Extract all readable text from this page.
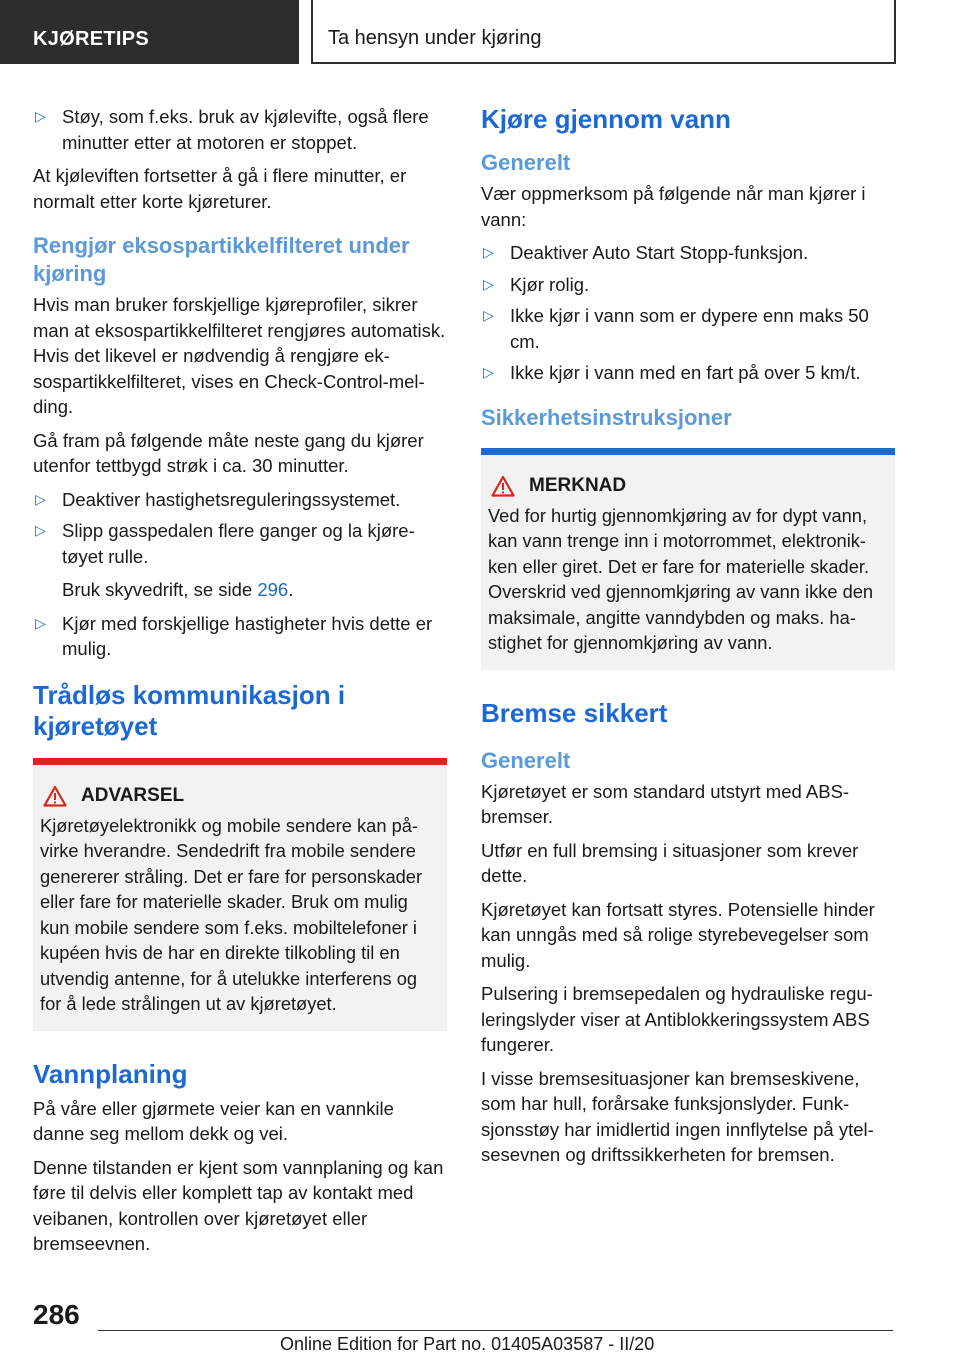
KJØRETIPS	Ta hensyn under kjøring
▷ Støy, som f.eks. bruk av kjølevifte, også flere minutter etter at motoren er stoppet.

At kjøleviften fortsetter å gå i flere minutter, er normalt etter korte kjøreturer.

Rengjør eksospartikkelfilteret under kjøring

Hvis man bruker forskjellige kjøreprofiler, sikrer man at eksospartikkelfilteret rengjøres automatisk. Hvis det likevel er nødvendig å rengjøre eksospartikkelfilteret, vises en Check-Control-melding.

Gå fram på følgende måte neste gang du kjører utenfor tettbygd strøk i ca. 30 minutter.

▷ Deaktiver hastighetsreguleringssystemet.
▷ Slipp gasspedalen flere ganger og la kjøretøyet rulle.

Bruk skyvedrift, se side 296.

▷ Kjør med forskjellige hastigheter hvis dette er mulig.
Trådløs kommunikasjon i kjøretøyet
ADVARSEL

Kjøretøyelektronikk og mobile sendere kan påvirke hverandre. Sendedrift fra mobile sendere genererer stråling. Det er fare for personskader eller fare for materielle skader. Bruk om mulig kun mobile sendere som f.eks. mobiltelefoner i kupéen hvis de har en direkte tilkobling til en utvendig antenne, for å utelukke interferens og for å lede strålingen ut av kjøretøyet.

Vannplaning

På våre eller gjørmete veier kan en vannkile danne seg mellom dekk og vei.

Denne tilstanden er kjent som vannplaning og kan føre til delvis eller komplett tap av kontakt med veibanen, kontrollen over kjøretøyet eller bremseevnen.

Kjøre gjennom vann
Generelt

Vær oppmerksom på følgende når man kjører i vann:

▷ Deaktiver Auto Start Stopp-funksjon.
▷ Kjør rolig.
▷ Ikke kjør i vann som er dypere enn maks 50 cm.
▷ Ikke kjør i vann med en fart på over 5 km/t.
Sikkerhetsinstruksjoner
MERKNAD

Ved for hurtig gjennomkjøring av for dypt vann, kan vann trenge inn i motorrommet, elektronikken eller giret. Det er fare for materielle skader. Overskrid ved gjennomkjøring av vann ikke den maksimale, angitte vanndybden og maks. hastighet for gjennomkjøring av vann.

Bremse sikkert
Generelt

Kjøretøyet er som standard utstyrt med ABS-bremser.

Utfør en full bremsing i situasjoner som krever dette.

Kjøretøyet kan fortsatt styres. Potensielle hinder kan unngås med så rolige styrebevegelser som mulig.

Pulsering i bremsepedalen og hydrauliske reguleringslyder viser at Antiblokkeringssystem ABS fungerer.

I visse bremsesituasjoner kan bremseskivene, som har hull, forårsake funksjonslyder. Funksjonsstøy har imidlertid ingen innflytelse på ytelsesevnen og driftssikkerheten for bremsen.

286
Online Edition for Part no. 01405A03587 - II/20
